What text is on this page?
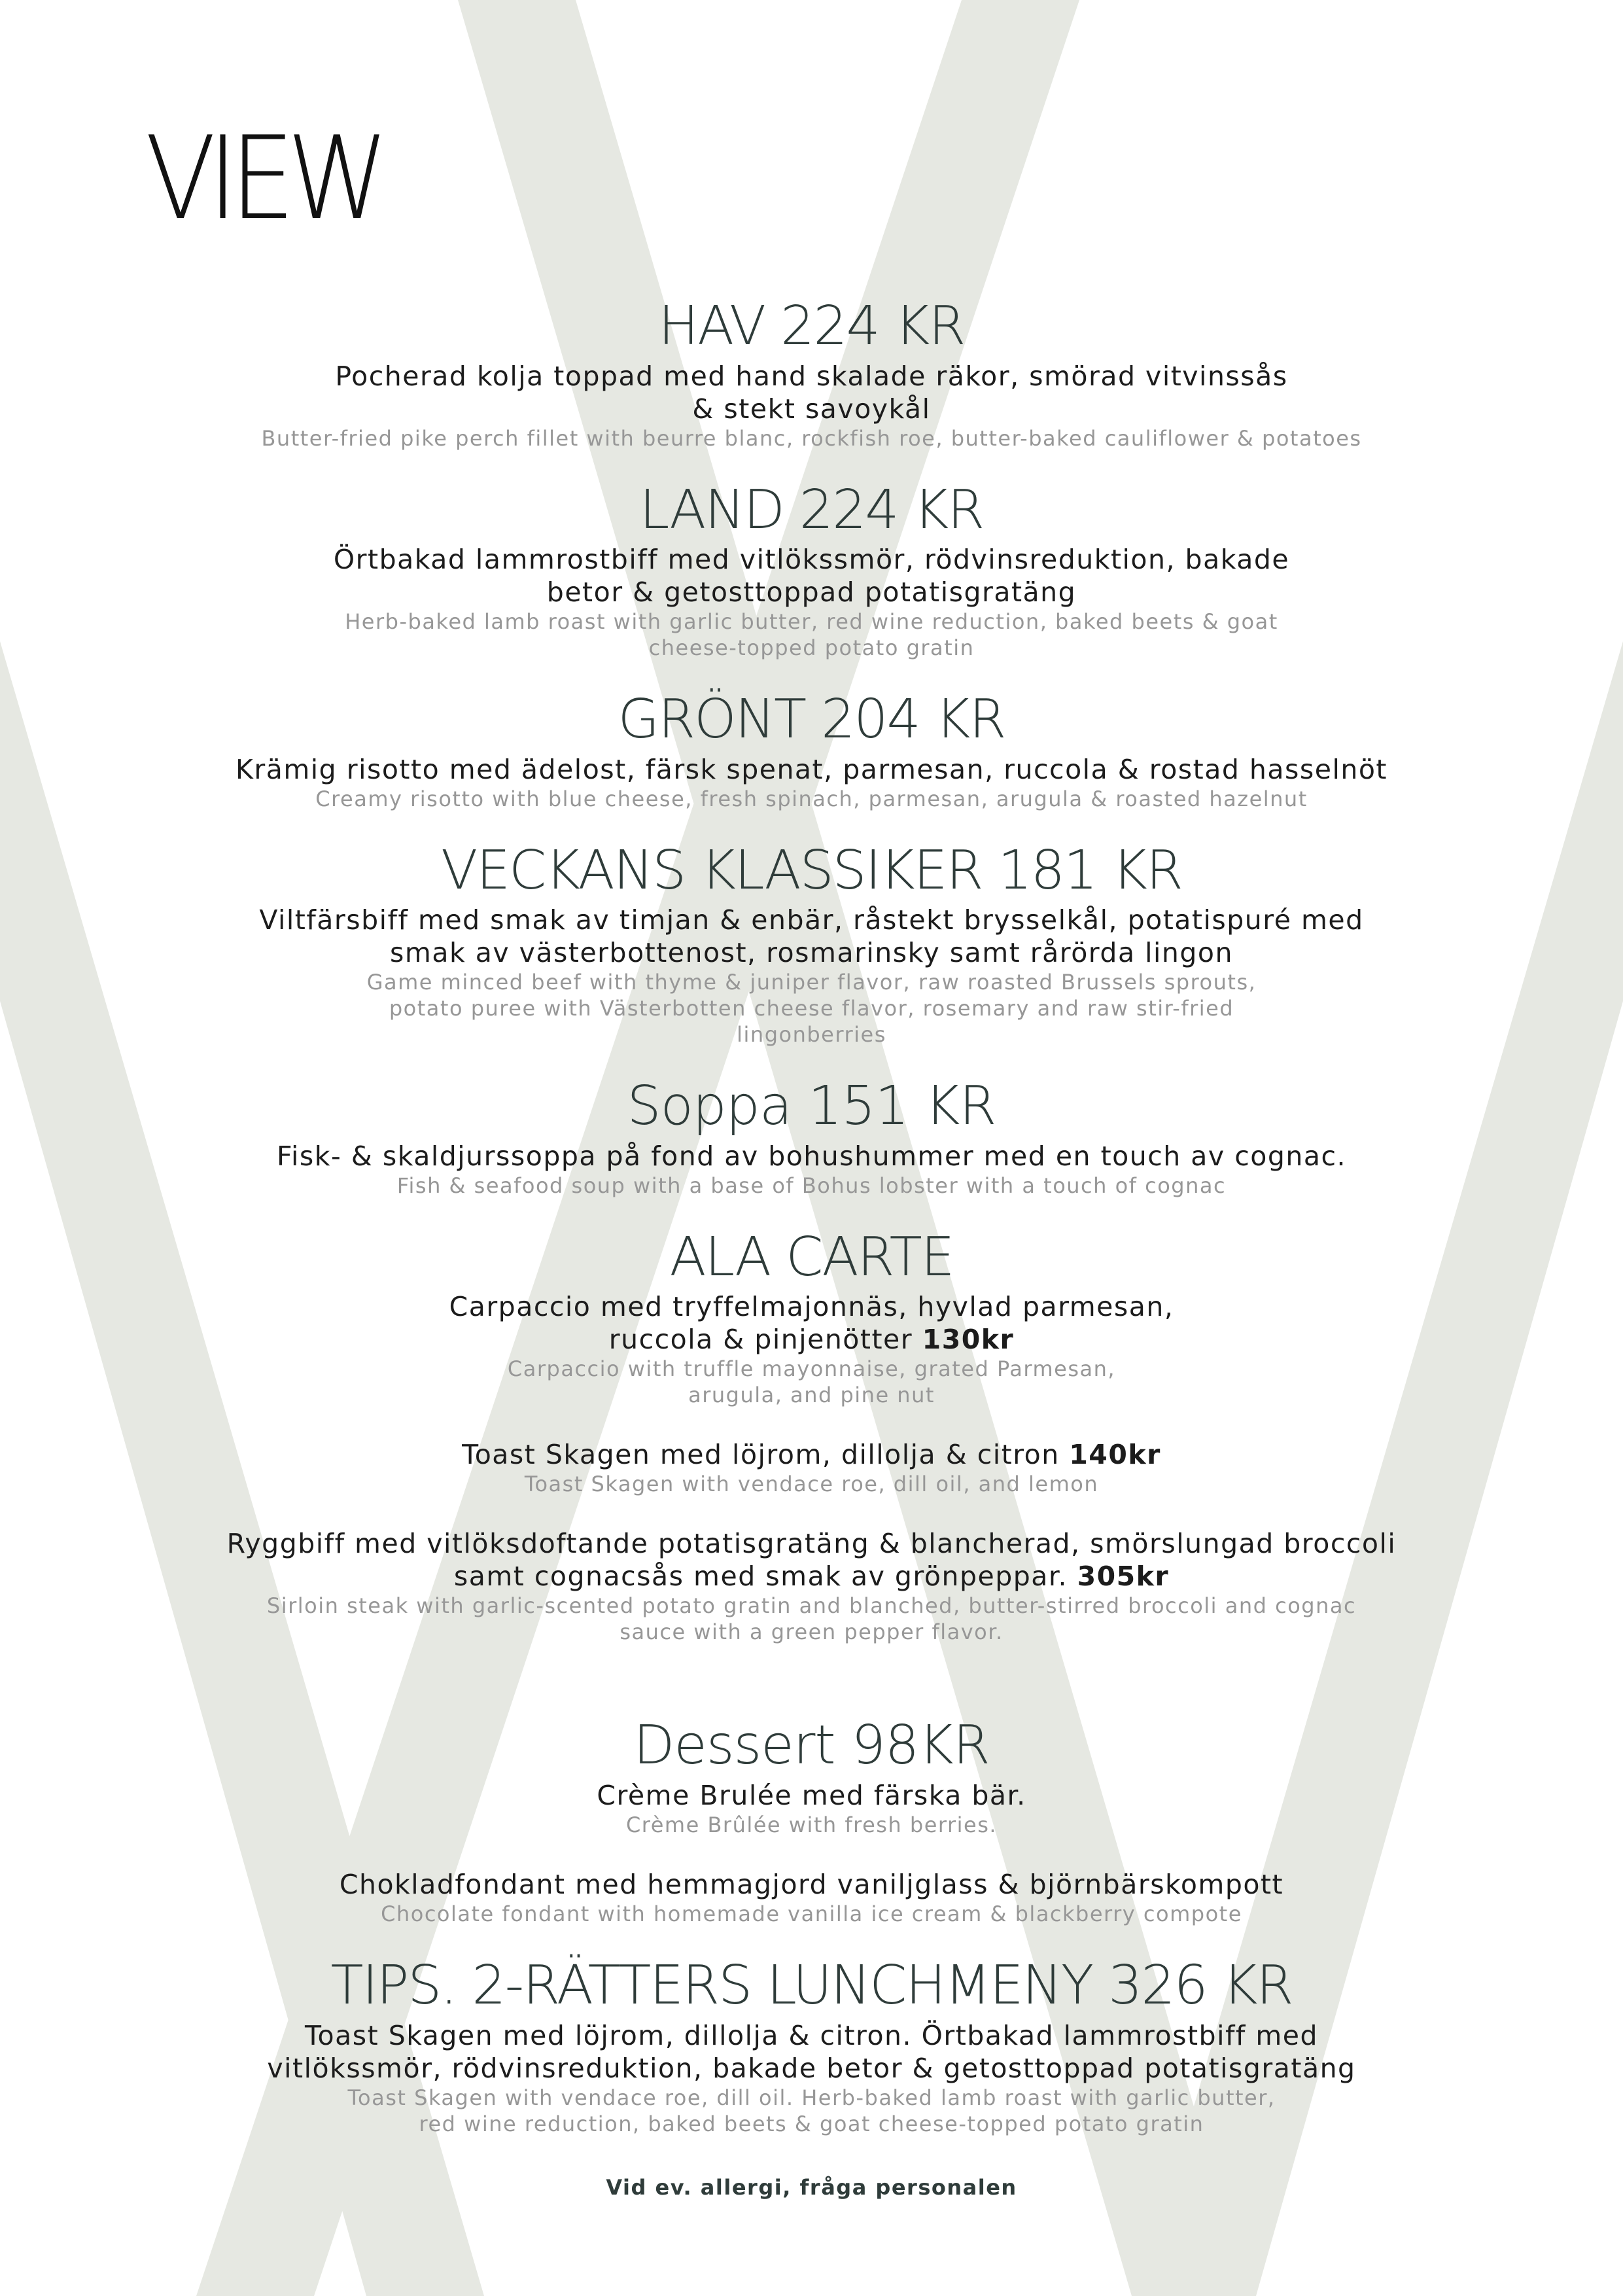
VIEW
HAV 224 KR

Pocherad kolja toppad med hand skalade räkor, smörad vitvinssås & stekt savoykål

Butter-fried pike perch fillet with beurre blanc, rockfish roe, butter-baked cauliflower & potatoes

LAND 224 KR

Örtbakad lammrostbiff med vitlökssmör, rödvinsreduktion, bakade betor & getosttoppad potatisgratäng

Herb-baked lamb roast with garlic butter, red wine reduction, baked beets & goat cheese-topped potato gratin

GRÖNT 204 KR

Krämig risotto med ädelost, färsk spenat, parmesan, ruccola & rostad hasselnöt

Creamy risotto with blue cheese, fresh spinach, parmesan, arugula & roasted hazelnut

VECKANS KLASSIKER 181 KR

Viltfärsbiff med smak av timjan & enbär, råstekt brysselkål, potatispuré med smak av västerbottenost, rosmarinsky samt rårörda lingon

Game minced beef with thyme & juniper flavor, raw roasted Brussels sprouts, potato puree with Västerbotten cheese flavor, rosemary and raw stir-fried lingonberries

Soppa 151 KR

Fisk- & skaldjurssoppa på fond av bohushummer med en touch av cognac.

Fish & seafood soup with a base of Bohus lobster with a touch of cognac

ALA CARTE

Carpaccio med tryffelmajonnäs, hyvlad parmesan,
ruccola & pinjenötter 130kr

Carpaccio with truffle mayonnaise, grated Parmesan,
arugula, and pine nut

Toast Skagen med löjrom, dillolja & citron 140kr

Toast Skagen with vendace roe, dill oil, and lemon

Ryggbiff med vitlöksdoftande potatisgratäng & blancherad, smörslungad broccoli
samt cognacsås med smak av grönpeppar. 305kr

Sirloin steak with garlic-scented potato gratin and blanched, butter-stirred broccoli and cognac
sauce with a green pepper flavor.

Dessert 98KR

Crème Brulée med färska bär.

Crème Brûlée with fresh berries.

Chokladfondant med hemmagjord vaniljglass & björnbärskompott

Chocolate fondant with homemade vanilla ice cream & blackberry compote

TIPS. 2-RÄTTERS LUNCHMENY 326 KR

Toast Skagen med löjrom, dillolja & citron. Örtbakad lammrostbiff med vitlökssmör, rödvinsreduktion, bakade betor & getosttoppad potatisgratäng

Toast Skagen with vendace roe, dill oil. Herb-baked lamb roast with garlic butter, red wine reduction, baked beets & goat cheese-topped potato gratin

Vid ev. allergi, fråga personalen
